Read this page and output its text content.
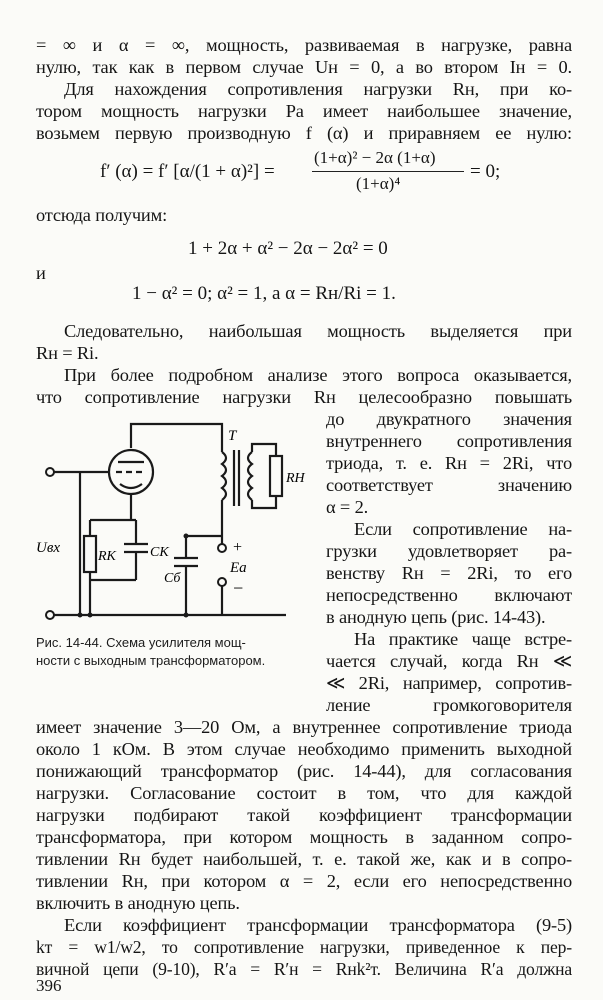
= ∞ и α = ∞, мощность, развиваемая в нагрузке, равна
нулю, так как в первом случае Uн = 0, а во втором Iн = 0.
Для нахождения сопротивления нагрузки Rн, при ко-
тором мощность нагрузки Pа имеет наибольшее значение,
возьмем первую производную f (α) и приравняем ее нулю:
f′ (α) = f′ [α/(1 + α)²] =
(1+α)² − 2α (1+α)
(1+α)⁴
= 0;
отсюда получим:
1 + 2α + α² − 2α − 2α² = 0
и
1 − α² = 0; α² = 1, а α = Rн/Ri = 1.
Следовательно, наибольшая мощность выделяется при
Rн = Ri.
При более подробном анализе этого вопроса оказывается,
что сопротивление нагрузки Rн целесообразно повышать
до двукратного значения
внутреннего сопротивления
триода, т. е. Rн = 2Ri, что
соответствует значению
α = 2.
Если сопротивление на-
грузки удовлетворяет ра-
венству Rн = 2Ri, то его
непосредственно включают
в анодную цепь (рис. 14-43).
На практике чаще встре-
чается случай, когда Rн ≪
≪ 2Ri, например, сопротив-
ление громкоговорителя
T
RH
Uвх
RK CK
Cб
Ea
+
−
Рис. 14-44. Схема усилителя мощ-
ности с выходным трансформатором.
имеет значение 3—20 Ом, а внутреннее сопротивление триода
около 1 кОм. В этом случае необходимо применить выходной
понижающий трансформатор (рис. 14-44), для согласования
нагрузки. Согласование состоит в том, что для каждой
нагрузки подбирают такой коэффициент трансформации
трансформатора, при котором мощность в заданном сопро-
тивлении Rн будет наибольшей, т. е. такой же, как и в сопро-
тивлении Rн, при котором α = 2, если его непосредственно
включить в анодную цепь.
Если коэффициент трансформации трансформатора (9-5)
kт = w1/w2, то сопротивление нагрузки, приведенное к пер-
вичной цепи (9-10), R′а = R′н = Rнk²т. Величина R′а должна
396
